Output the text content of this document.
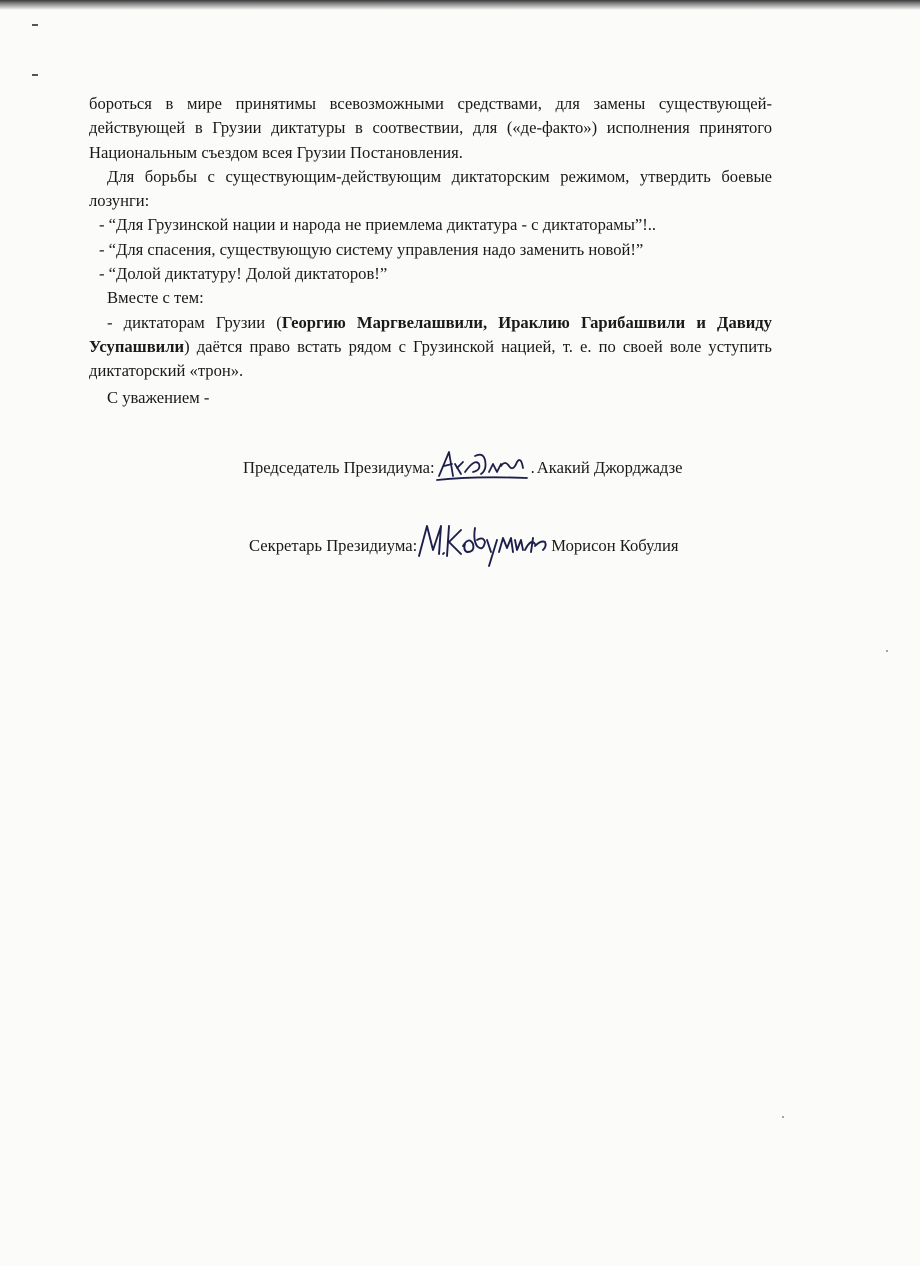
бороться в мире принятимы всевозможными средствами, для замены существующей-действующей в Грузии диктатуры в соотвествии, для («де-факто») исполнения принятого Национальным съездом всея Грузии Постановления.

Для борьбы с существующим-действующим диктаторским режимом, утвердить боевые лозунги:

- “Для Грузинской нации и народа не приемлема диктатура - с диктаторамы”!..

- “Для спасения, существующую систему управления надо заменить новой!”

- “Долой диктатуру! Долой диктаторов!”

Вместе с тем:

- диктаторам Грузии (Георгию Маргвелашвили, Ираклию Гарибашвили и Давиду Усупашвили) даётся право встать рядом с Грузинской нацией, т. е. по своей воле уступить диктаторский «трон».

С уважением -

Председатель Президиума:	. Акакий Джорджадзе
Секретарь Президиума:	Морисон Кобулия
